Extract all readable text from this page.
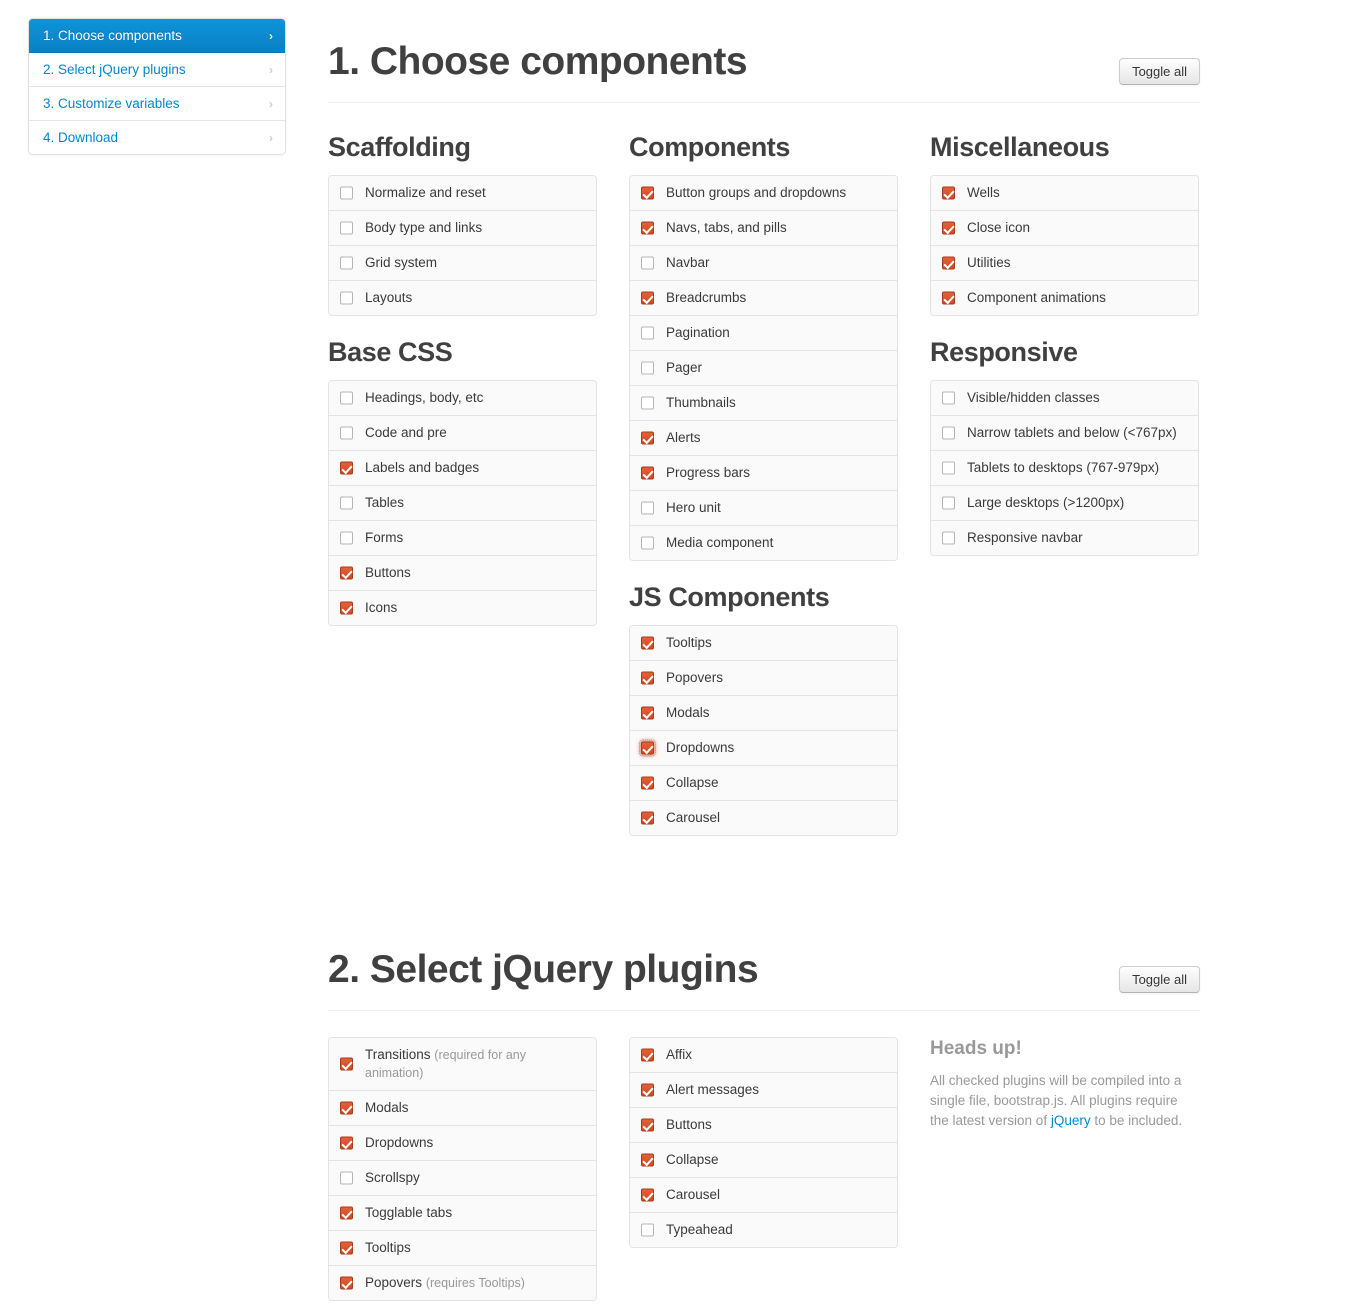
1. Choose components	›
2. Select jQuery plugins	›
3. Customize variables	›
4. Download	›
1. Choose components	Toggle all
Scaffolding
Normalize and reset
Body type and links
Grid system
Layouts
Base CSS
Headings, body, etc
Code and pre
Labels and badges
Tables
Forms
Buttons
Icons
Components
Button groups and dropdowns
Navs, tabs, and pills
Navbar
Breadcrumbs
Pagination
Pager
Thumbnails
Alerts
Progress bars
Hero unit
Media component
JS Components
Tooltips
Popovers
Modals
Dropdowns
Collapse
Carousel
Miscellaneous
Wells
Close icon
Utilities
Component animations
Responsive
Visible/hidden classes
Narrow tablets and below (<767px)
Tablets to desktops (767-979px)
Large desktops (>1200px)
Responsive navbar
2. Select jQuery plugins	Toggle all
Transitions (required for any animation)
Modals
Dropdowns
Scrollspy
Togglable tabs
Tooltips
Popovers (requires Tooltips)
Affix
Alert messages
Buttons
Collapse
Carousel
Typeahead
Heads up!

All checked plugins will be compiled into a single file, bootstrap.js. All plugins require the latest version of jQuery to be included.
